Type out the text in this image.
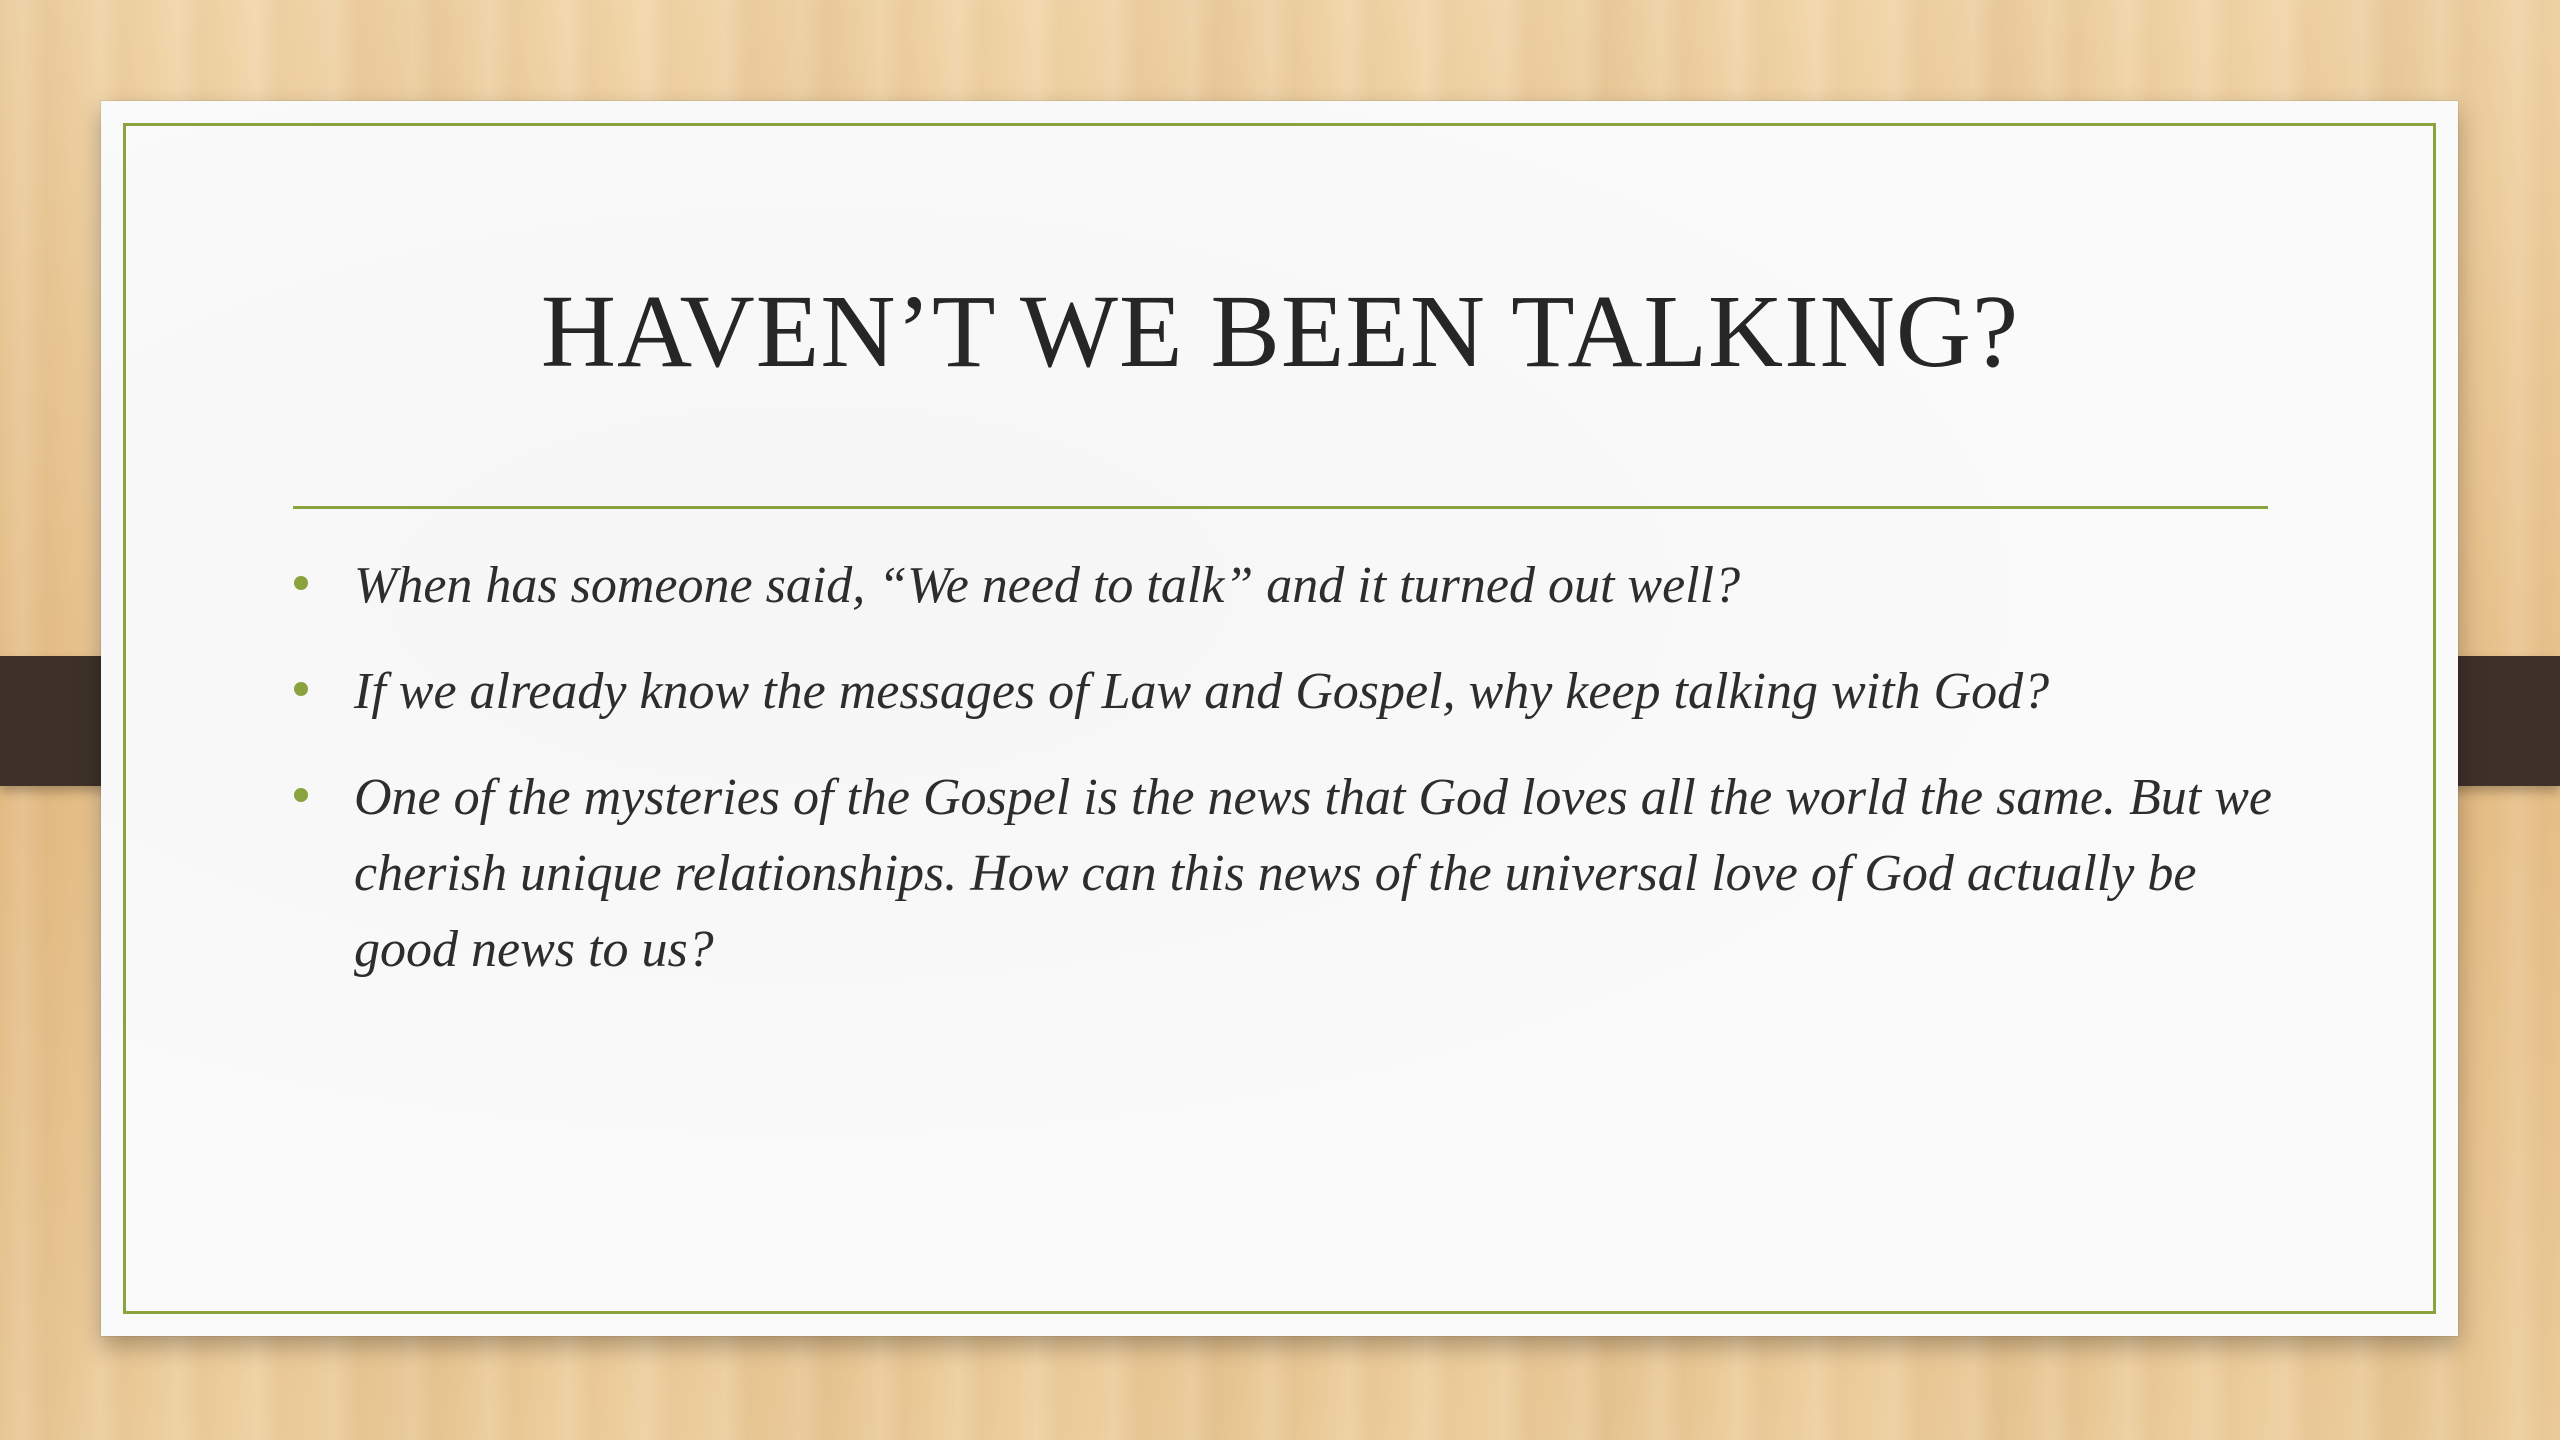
HAVEN’T WE BEEN TALKING?
When has someone said, “We need to talk” and it turned out well?
If we already know the messages of Law and Gospel, why keep talking with God?
One of the mysteries of the Gospel is the news that God loves all the world the same. But we cherish unique relationships. How can this news of the universal love of God actually be good news to us?
